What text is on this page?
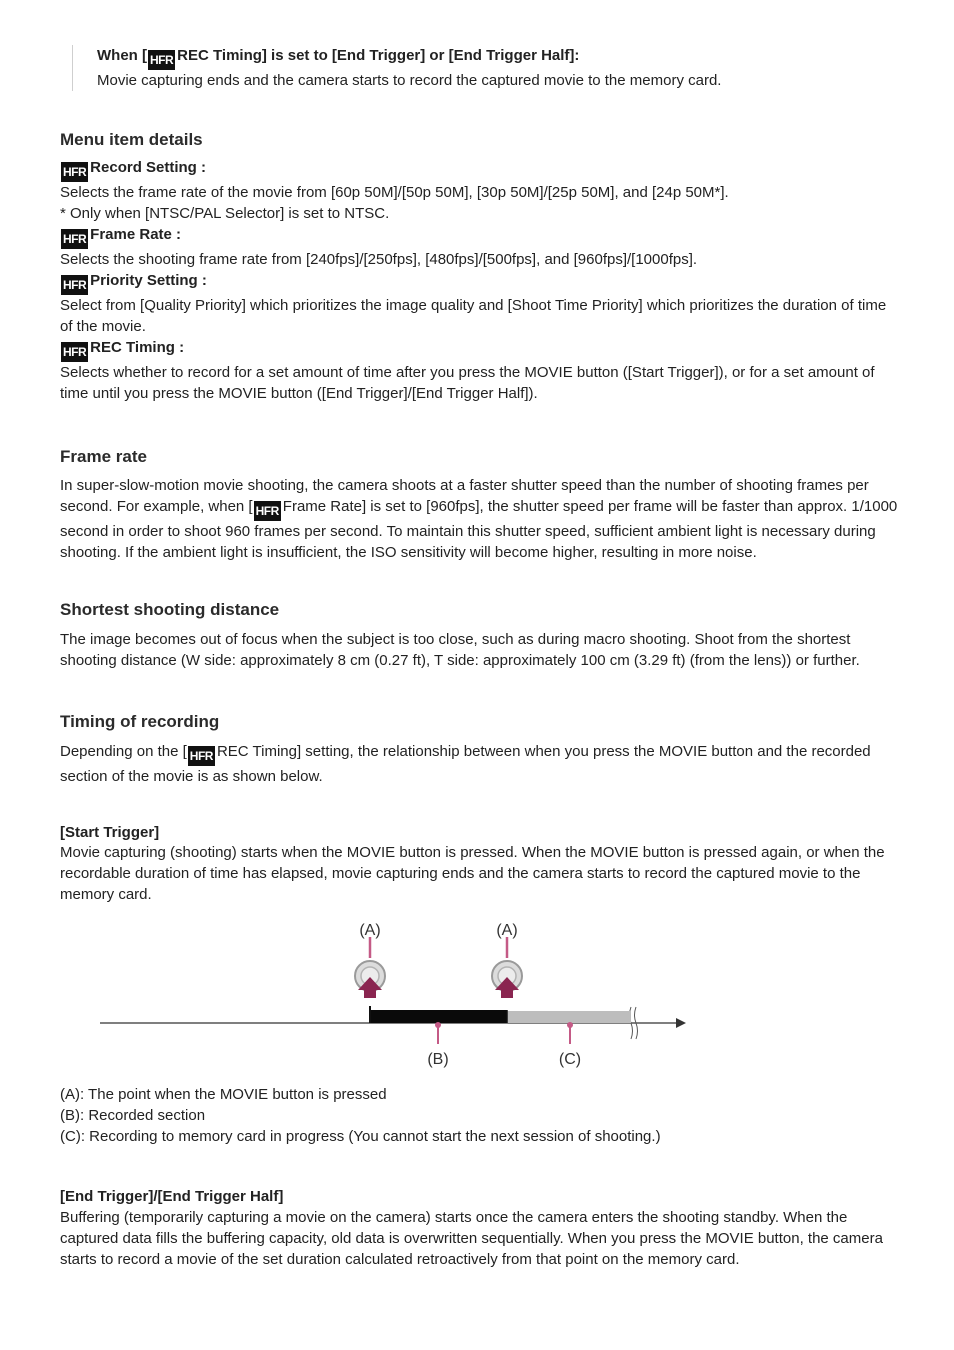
When [ HFR REC Timing] is set to [End Trigger] or [End Trigger Half]:
Movie capturing ends and the camera starts to record the captured movie to the memory card.
Menu item details
HFR Record Setting :
Selects the frame rate of the movie from [60p 50M]/[50p 50M], [30p 50M]/[25p 50M], and [24p 50M*].
* Only when [NTSC/PAL Selector] is set to NTSC.
HFR Frame Rate :
Selects the shooting frame rate from [240fps]/[250fps], [480fps]/[500fps], and [960fps]/[1000fps].
HFR Priority Setting :
Select from [Quality Priority] which prioritizes the image quality and [Shoot Time Priority] which prioritizes the duration of time of the movie.
HFR REC Timing :
Selects whether to record for a set amount of time after you press the MOVIE button ([Start Trigger]), or for a set amount of time until you press the MOVIE button ([End Trigger]/[End Trigger Half]).
Frame rate
In super-slow-motion movie shooting, the camera shoots at a faster shutter speed than the number of shooting frames per second. For example, when [ HFR Frame Rate] is set to [960fps], the shutter speed per frame will be faster than approx. 1/1000 second in order to shoot 960 frames per second. To maintain this shutter speed, sufficient ambient light is necessary during shooting. If the ambient light is insufficient, the ISO sensitivity will become higher, resulting in more noise.
Shortest shooting distance
The image becomes out of focus when the subject is too close, such as during macro shooting. Shoot from the shortest shooting distance (W side: approximately 8 cm (0.27 ft), T side: approximately 100 cm (3.29 ft) (from the lens)) or further.
Timing of recording
Depending on the [ HFR REC Timing] setting, the relationship between when you press the MOVIE button and the recorded section of the movie is as shown below.
[Start Trigger]
Movie capturing (shooting) starts when the MOVIE button is pressed. When the MOVIE button is pressed again, or when the recordable duration of time has elapsed, movie capturing ends and the camera starts to record the captured movie to the memory card.
(A)	(A)
(B)	(C)
(A): The point when the MOVIE button is pressed
(B): Recorded section
(C): Recording to memory card in progress (You cannot start the next session of shooting.)
[End Trigger]/[End Trigger Half]
Buffering (temporarily capturing a movie on the camera) starts once the camera enters the shooting standby. When the captured data fills the buffering capacity, old data is overwritten sequentially. When you press the MOVIE button, the camera starts to record a movie of the set duration calculated retroactively from that point on the memory card.
